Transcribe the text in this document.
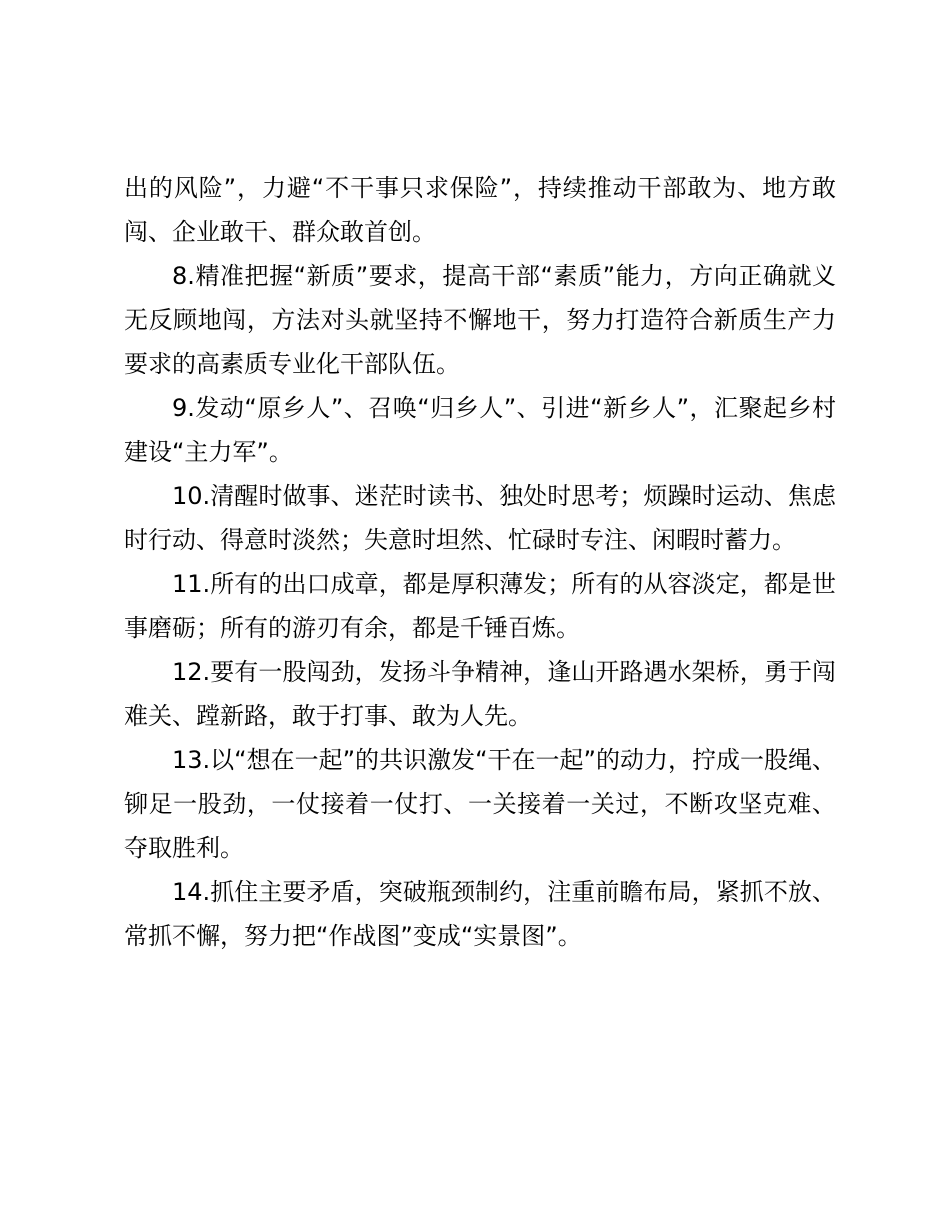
出的风险”，力避“不干事只求保险”，持续推动干部敢为、地方敢闯、企业敢干、群众敢首创。

8.精准把握“新质”要求，提高干部“素质”能力，方向正确就义无反顾地闯，方法对头就坚持不懈地干，努力打造符合新质生产力要求的高素质专业化干部队伍。

9.发动“原乡人”、召唤“归乡人”、引进“新乡人”，汇聚起乡村建设“主力军”。

10.清醒时做事、迷茫时读书、独处时思考；烦躁时运动、焦虑时行动、得意时淡然；失意时坦然、忙碌时专注、闲暇时蓄力。

11.所有的出口成章，都是厚积薄发；所有的从容淡定，都是世事磨砺；所有的游刃有余，都是千锤百炼。

12.要有一股闯劲，发扬斗争精神，逢山开路遇水架桥，勇于闯难关、蹚新路，敢于打事、敢为人先。

13.以“想在一起”的共识激发“干在一起”的动力，拧成一股绳、铆足一股劲，一仗接着一仗打、一关接着一关过，不断攻坚克难、夺取胜利。

14.抓住主要矛盾，突破瓶颈制约，注重前瞻布局，紧抓不放、常抓不懈，努力把“作战图”变成“实景图”。
